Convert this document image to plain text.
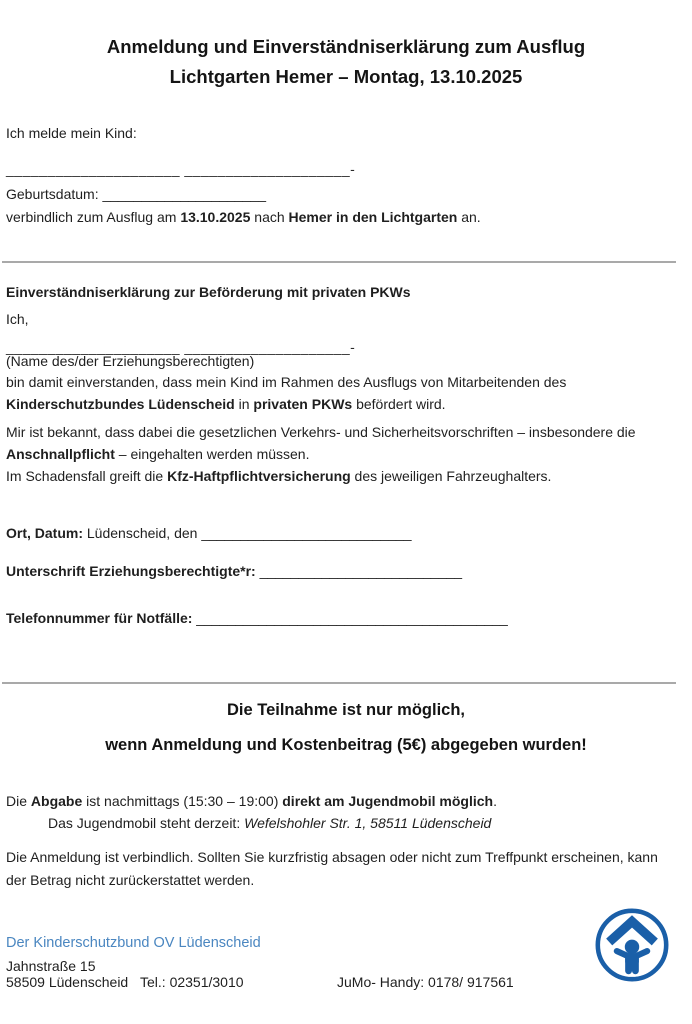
Anmeldung und Einverständniserklärung zum Ausflug
Lichtgarten Hemer – Montag, 13.10.2025
Ich melde mein Kind:
_____________________ ____________________-
Geburtsdatum: _____________________
verbindlich zum Ausflug am 13.10.2025 nach Hemer in den Lichtgarten an.
Einverständniserklärung zur Beförderung mit privaten PKWs
Ich,
_____________________ ____________________-
(Name des/der Erziehungsberechtigten)
bin damit einverstanden, dass mein Kind im Rahmen des Ausflugs von Mitarbeitenden des
Kinderschutzbundes Lüdenscheid in privaten PKWs befördert wird.
Mir ist bekannt, dass dabei die gesetzlichen Verkehrs- und Sicherheitsvorschriften – insbesondere die
Anschnallpflicht – eingehalten werden müssen.
Im Schadensfall greift die Kfz-Haftpflichtversicherung des jeweiligen Fahrzeughalters.
Ort, Datum: Lüdenscheid, den ___________________________
Unterschrift Erziehungsberechtigte*r: __________________________
Telefonnummer für Notfälle: ________________________________________
Die Teilnahme ist nur möglich,
wenn Anmeldung und Kostenbeitrag (5€) abgegeben wurden!
Die Abgabe ist nachmittags (15:30 – 19:00) direkt am Jugendmobil möglich.
Das Jugendmobil steht derzeit: Wefelshohler Str. 1, 58511 Lüdenscheid
Die Anmeldung ist verbindlich. Sollten Sie kurzfristig absagen oder nicht zum Treffpunkt erscheinen, kann
der Betrag nicht zurückerstattet werden.
Der Kinderschutzbund OV Lüdenscheid
Jahnstraße 15
58509 Lüdenscheid Tel.: 02351/3010	JuMo- Handy: 0178/ 917561
